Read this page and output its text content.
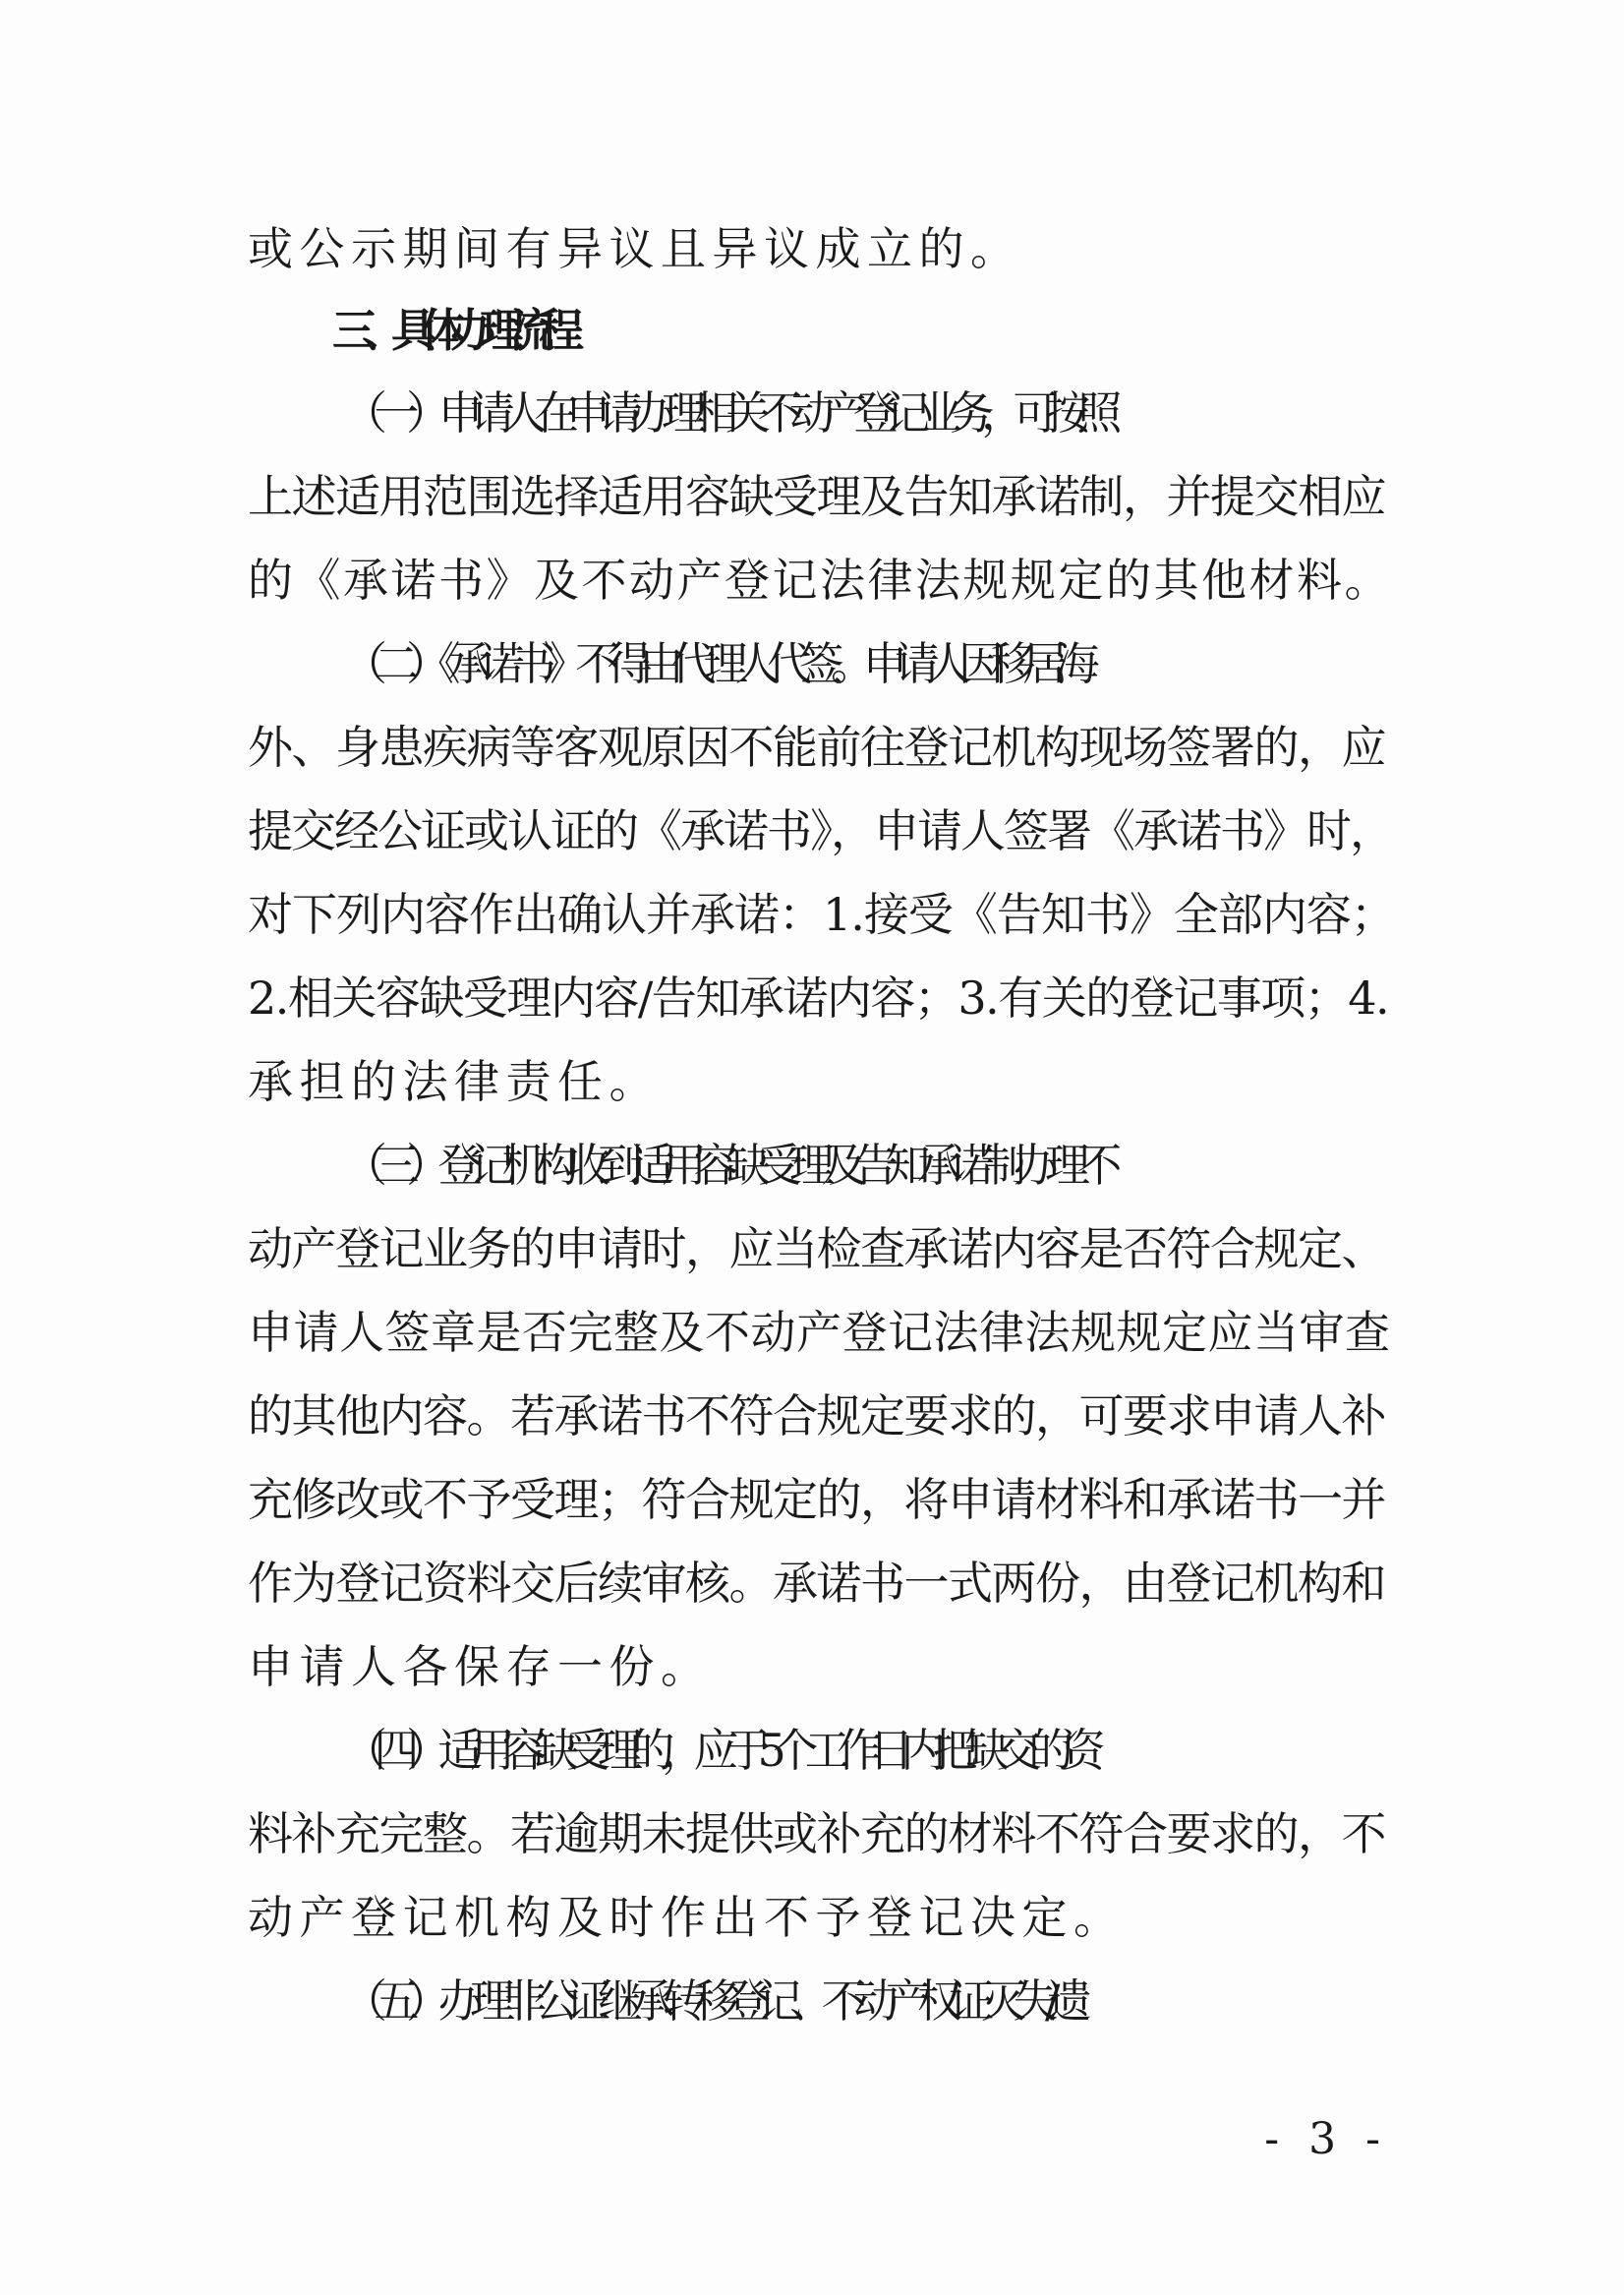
或公示期间有异议且异议成立的。
三、具体办理流程
（一）申请人在申请办理相关不动产登记业务，可按照
上述适用范围选择适用容缺受理及告知承诺制，并提交相应
的《承诺书》及不动产登记法律法规规定的其他材料。
（二）《承诺书》不得由代理人代签。申请人因移居海
外、身患疾病等客观原因不能前往登记机构现场签署的，应
提交经公证或认证的《承诺书》，申请人签署《承诺书》时，
对下列内容作出确认并承诺：1.接受《告知书》全部内容；
2.相关容缺受理内容/告知承诺内容；3.有关的登记事项；4.
承担的法律责任。
（三）登记机构收到适用容缺受理及告知承诺制办理不
动产登记业务的申请时，应当检查承诺内容是否符合规定、
申请人签章是否完整及不动产登记法律法规规定应当审查
的其他内容。若承诺书不符合规定要求的，可要求申请人补
充修改或不予受理；符合规定的，将申请材料和承诺书一并
作为登记资料交后续审核。承诺书一式两份，由登记机构和
申请人各保存一份。
（四）适用容缺受理的，应于5个工作日内把缺交的资
料补充完整。若逾期未提供或补充的材料不符合要求的，不
动产登记机构及时作出不予登记决定。
（五）办理非公证继承转移登记、不动产权证灭失/遗
- 3 -
